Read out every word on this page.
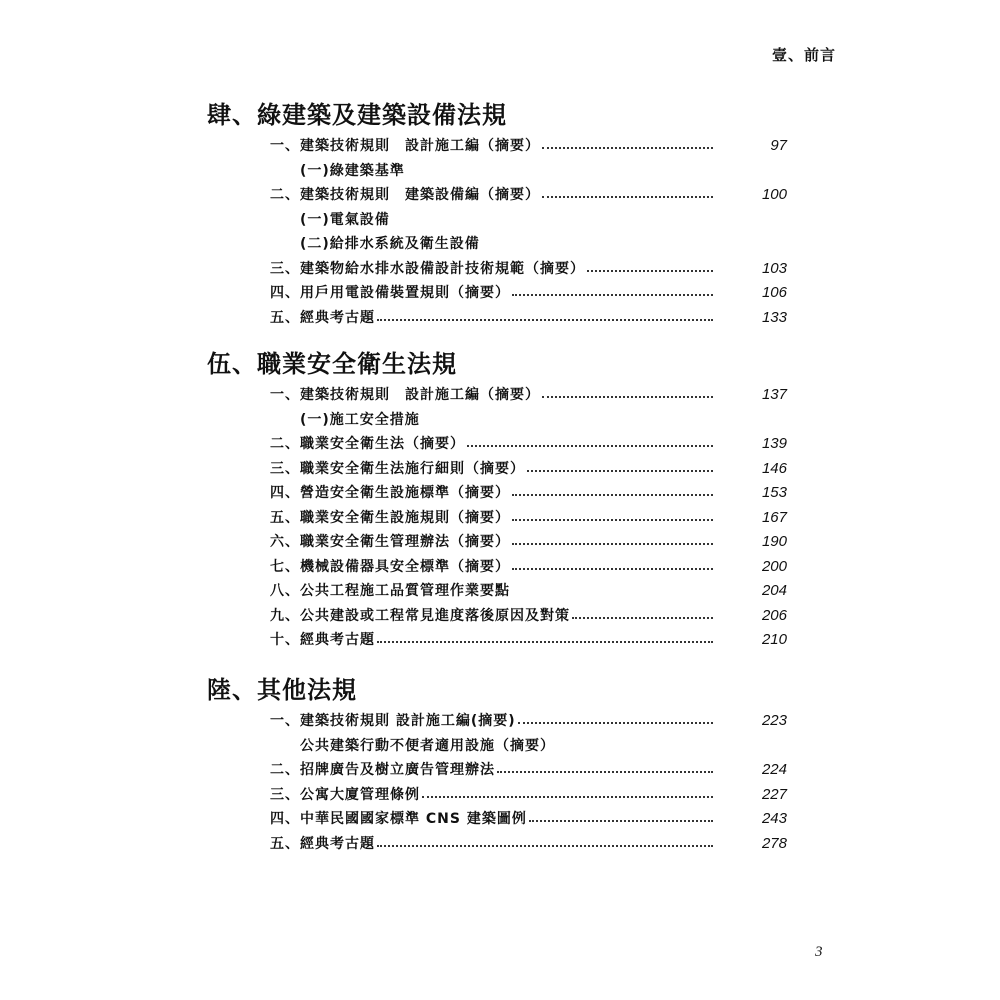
壹、前言
肆、綠建築及建築設備法規
一、建築技術規則　設計施工編（摘要）	97
(一)綠建築基準
二、建築技術規則　建築設備編（摘要）	100
(一)電氣設備
(二)給排水系統及衛生設備
三、建築物給水排水設備設計技術規範（摘要）	103
四、用戶用電設備裝置規則（摘要）	106
五、經典考古題	133
伍、職業安全衛生法規
一、建築技術規則　設計施工編（摘要）	137
(一)施工安全措施
二、職業安全衛生法（摘要）	139
三、職業安全衛生法施行細則（摘要）	146
四、營造安全衛生設施標準（摘要）	153
五、職業安全衛生設施規則（摘要）	167
六、職業安全衛生管理辦法（摘要）	190
七、機械設備器具安全標準（摘要）	200
八、公共工程施工品質管理作業要點	204
九、公共建設或工程常見進度落後原因及對策	206
十、經典考古題	210
陸、其他法規
一、建築技術規則 設計施工編(摘要)	223
公共建築行動不便者適用設施（摘要）
二、招牌廣告及樹立廣告管理辦法	224
三、公寓大廈管理條例	227
四、中華民國國家標準 CNS 建築圖例	243
五、經典考古題	278
3
